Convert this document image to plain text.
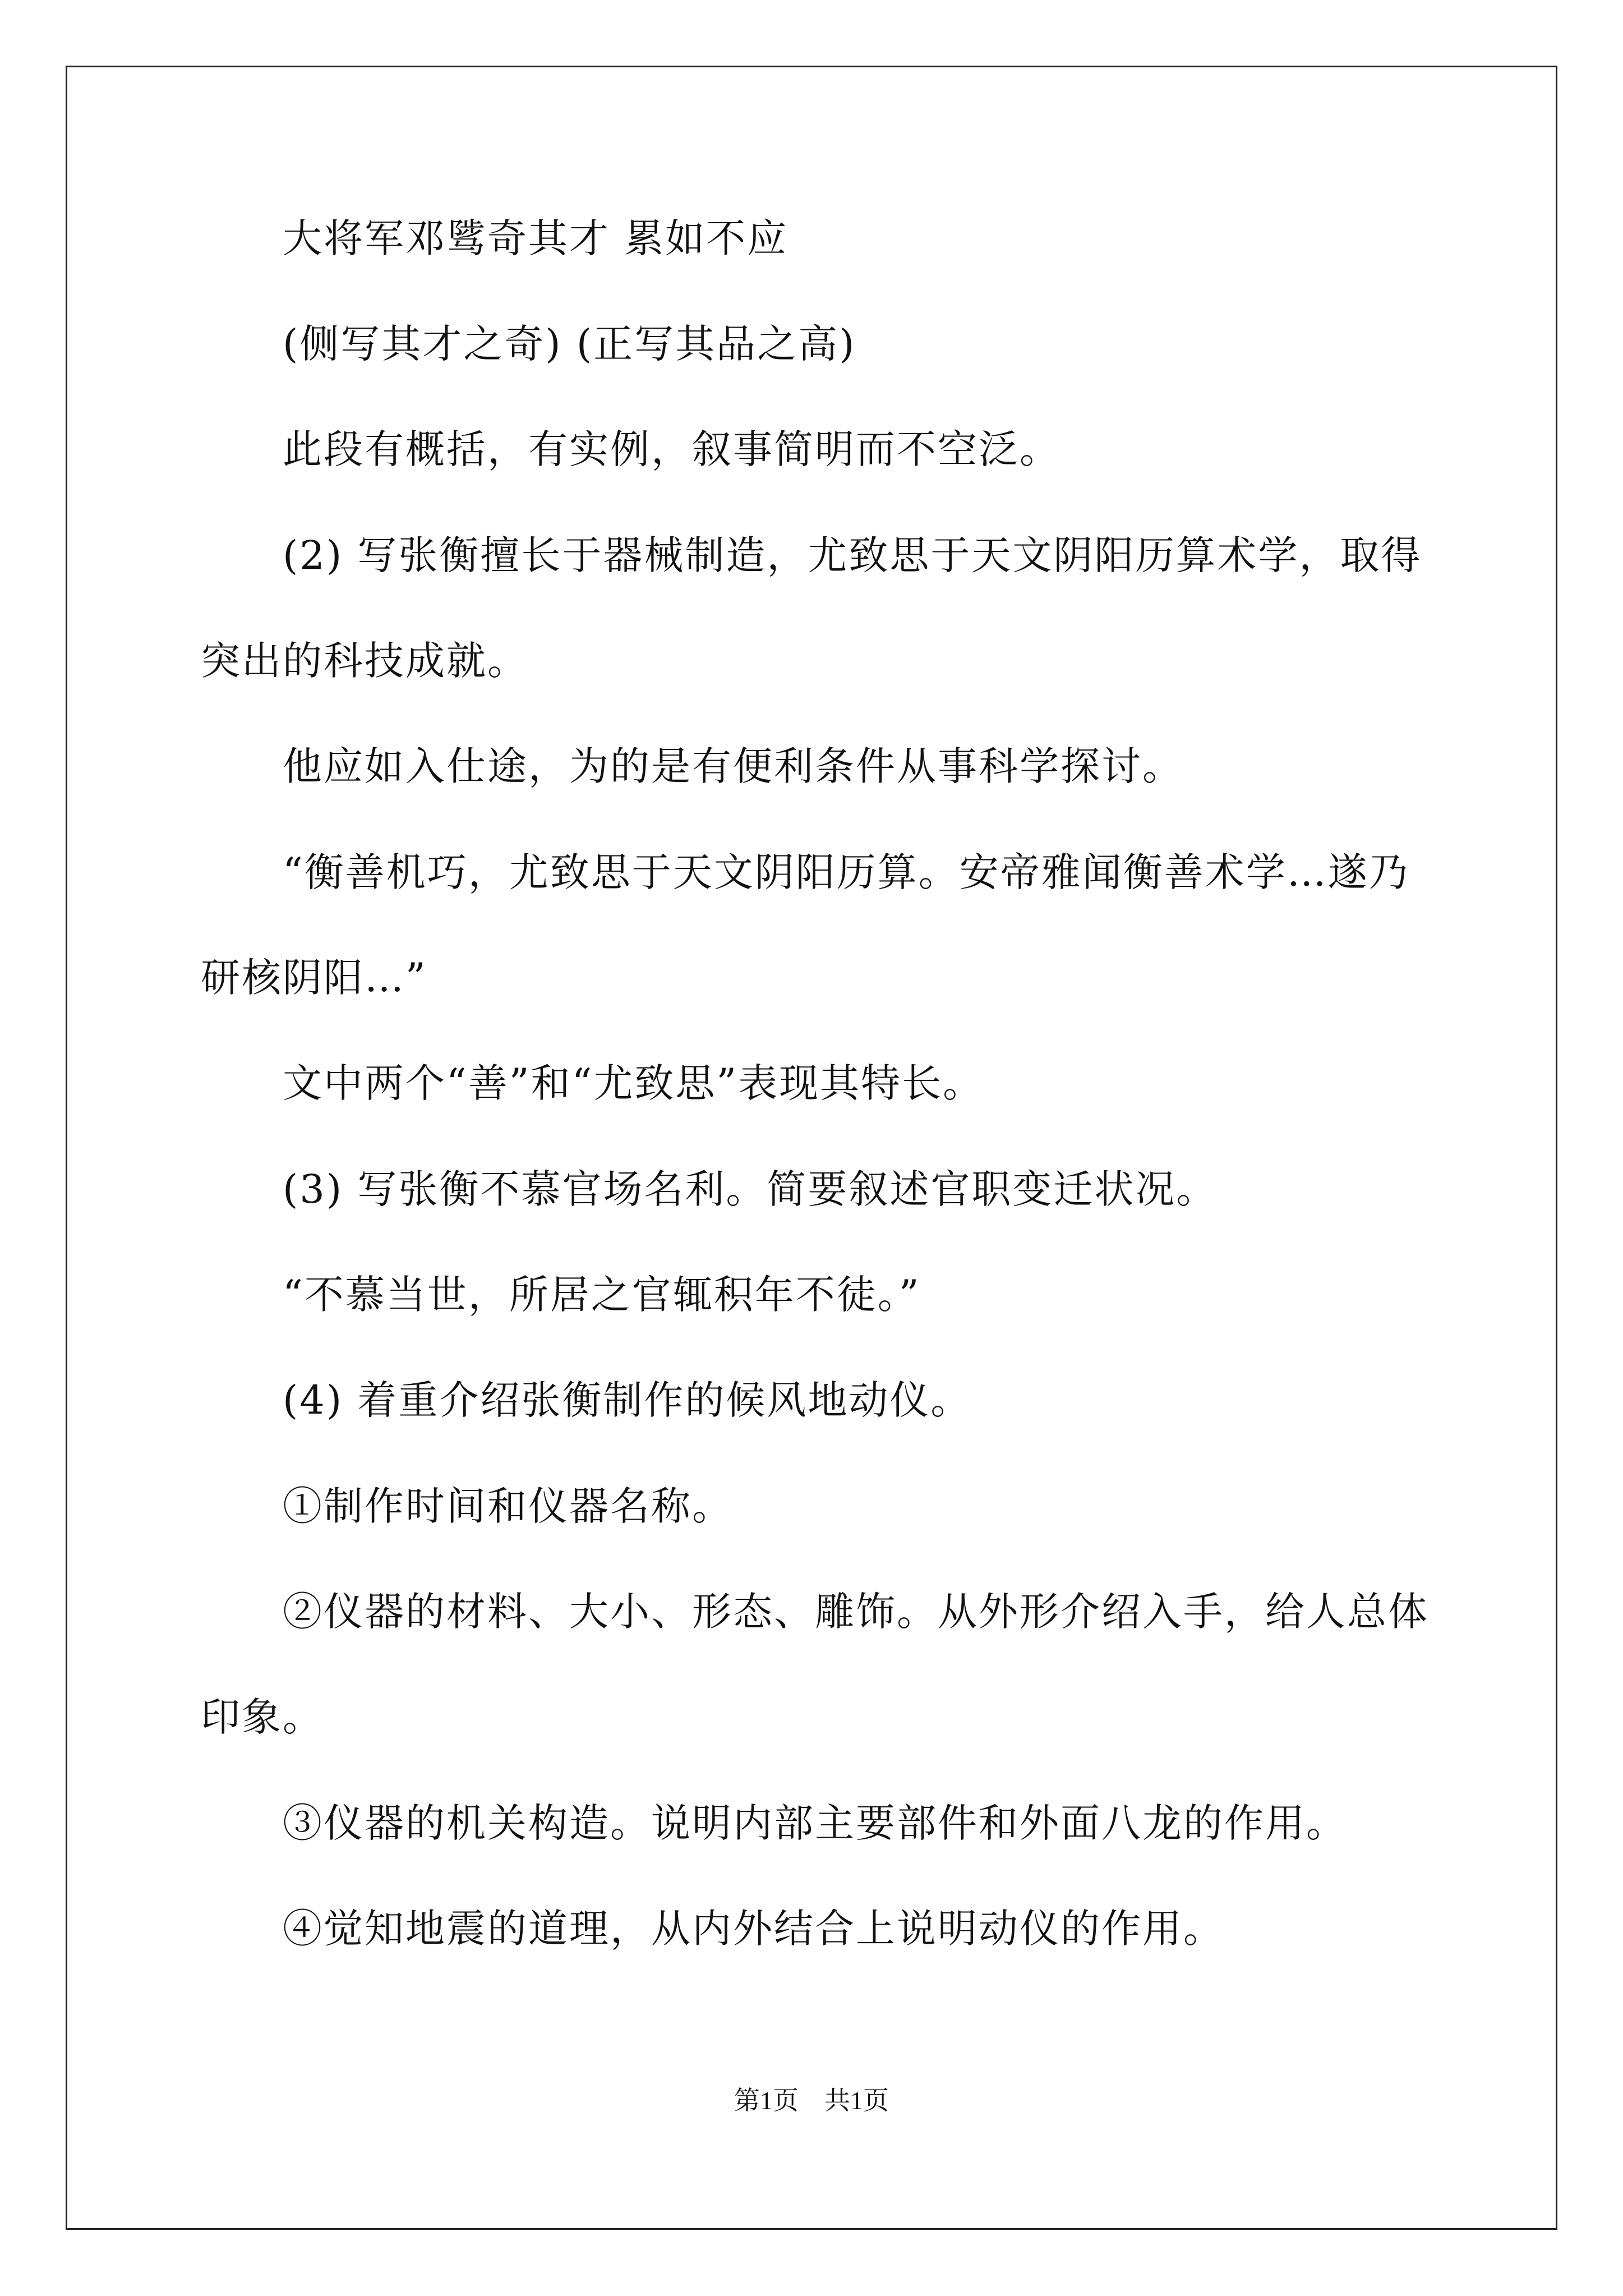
大将军邓骘奇其才 累如不应
(侧写其才之奇) (正写其品之高)
此段有概括，有实例，叙事简明而不空泛。
(2) 写张衡擅长于器械制造，尤致思于天文阴阳历算术学，取得
突出的科技成就。
他应如入仕途，为的是有便利条件从事科学探讨。
“衡善机巧，尤致思于天文阴阳历算。安帝雅闻衡善术学…遂乃
研核阴阳…”
文中两个“善”和“尤致思”表现其特长。
(3) 写张衡不慕官场名利。简要叙述官职变迁状况。
“不慕当世，所居之官辄积年不徒。”
(4) 着重介绍张衡制作的候风地动仪。
①制作时间和仪器名称。
②仪器的材料、大小、形态、雕饰。从外形介绍入手，给人总体
印象。
③仪器的机关构造。说明内部主要部件和外面八龙的作用。
④觉知地震的道理，从内外结合上说明动仪的作用。
第1页　共1页
